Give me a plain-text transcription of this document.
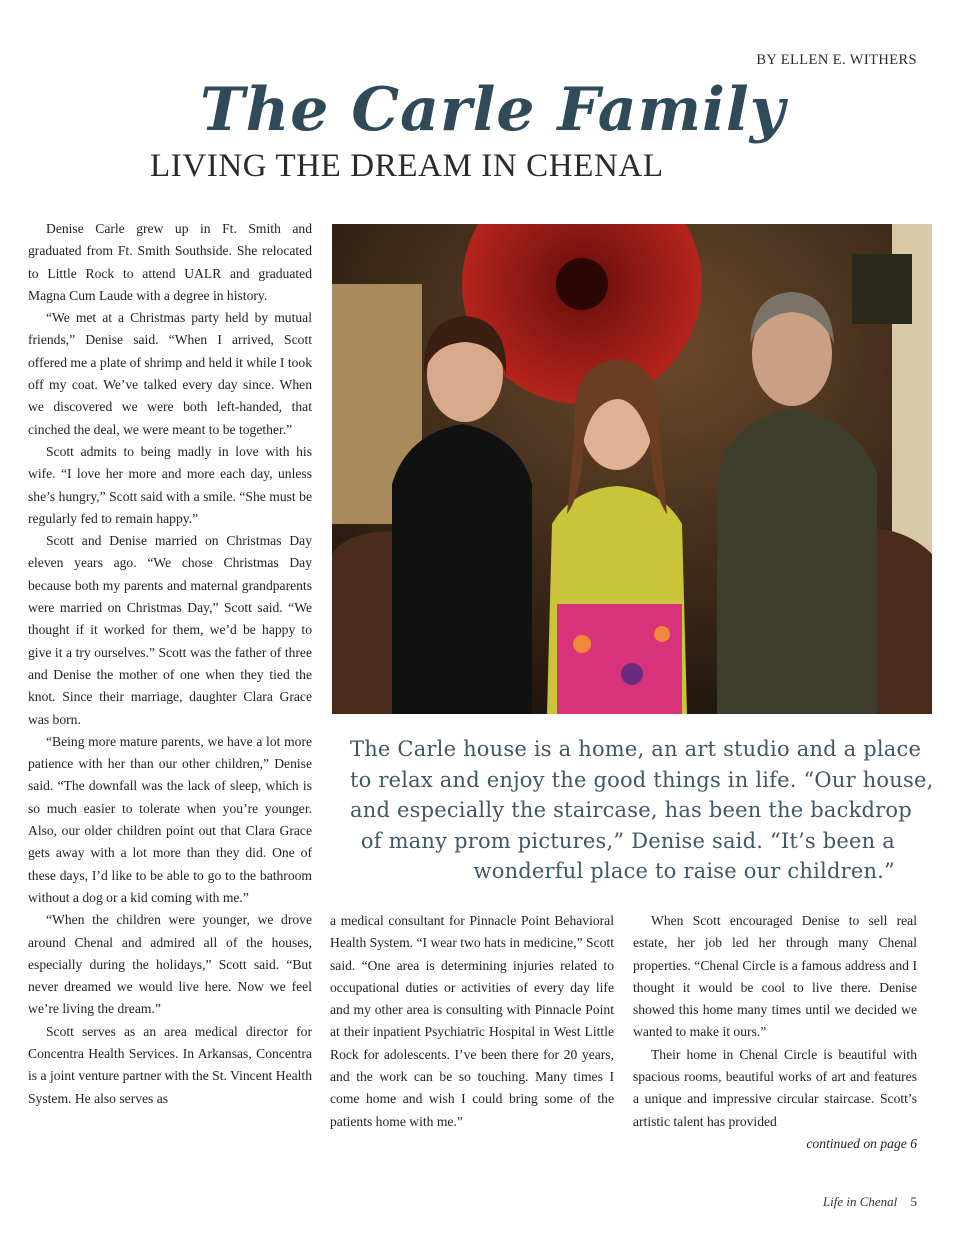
BY ELLEN E. WITHERS
The Carle Family
LIVING THE DREAM IN CHENAL

Denise Carle grew up in Ft. Smith and graduated from Ft. Smith Southside. She relocated to Little Rock to attend UALR and graduated Magna Cum Laude with a degree in history.

“We met at a Christmas party held by mutual friends,” Denise said. “When I arrived, Scott offered me a plate of shrimp and held it while I took off my coat. We’ve talked every day since. When we discovered we were both left-handed, that cinched the deal, we were meant to be together.”

Scott admits to being madly in love with his wife. “I love her more and more each day, unless she’s hungry,” Scott said with a smile. “She must be regularly fed to remain happy.”

Scott and Denise married on Christmas Day eleven years ago. “We chose Christmas Day because both my parents and maternal grandparents were married on Christmas Day,” Scott said. “We thought if it worked for them, we’d be happy to give it a try ourselves.” Scott was the father of three and Denise the mother of one when they tied the knot. Since their marriage, daughter Clara Grace was born.

“Being more mature parents, we have a lot more patience with her than our other children,” Denise said. “The downfall was the lack of sleep, which is so much easier to tolerate when you’re younger. Also, our older children point out that Clara Grace gets away with a lot more than they did. One of these days, I’d like to be able to go to the bathroom without a dog or a kid coming with me.”

“When the children were younger, we drove around Chenal and admired all of the houses, especially during the holidays,” Scott said. “But never dreamed we would live here. Now we feel we’re living the dream.”

Scott serves as an area medical director for Concentra Health Services. In Arkansas, Concentra is a joint venture partner with the St. Vincent Health System. He also serves as

The Carle house is a home, an art studio and a place
to relax and enjoy the good things in life. “Our house,
and especially the staircase, has been the backdrop
of many prom pictures,” Denise said. “It’s been a
wonderful place to raise our children.”

a medical consultant for Pinnacle Point Behavioral Health System. “I wear two hats in medicine,” Scott said. “One area is determining injuries related to occupational duties or activities of every day life and my other area is consulting with Pinnacle Point at their inpatient Psychiatric Hospital in West Little Rock for adolescents. I’ve been there for 20 years, and the work can be so touching. Many times I come home and wish I could bring some of the patients home with me.”

When Scott encouraged Denise to sell real estate, her job led her through many Chenal properties. “Chenal Circle is a famous address and I thought it would be cool to live there. Denise showed this home many times until we decided we wanted to make it ours.”

Their home in Chenal Circle is beautiful with spacious rooms, beautiful works of art and features a unique and impressive circular staircase. Scott’s artistic talent has provided

continued on page 6

Life in Chenal 5
